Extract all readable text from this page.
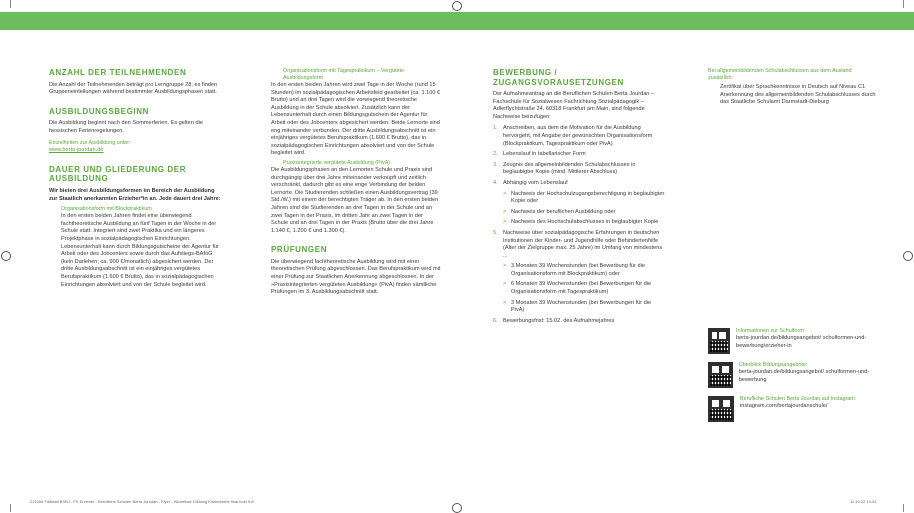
ANZAHL DER TEILNEHMENDEN

Die Anzahl der Teilnehmenden beträgt pro Lerngruppe 28; es finden Gruppeneinteilungen während bestimmter Ausbildungsphasen statt.

AUSBILDUNGSBEGINN

Die Ausbildung beginnt nach den Sommerferien. Es gelten die hessischen Ferienregelungen.

Einzelheiten zur Ausbildung unter:

www.berta-jourdan.de

DAUER UND GLIEDERUNG DER AUSBILDUNG

Wir bieten drei Ausbildungsformen im Bereich der Ausbildung zur Staatlich anerkannten Erzieher*in an. Jede dauert drei Jahre:

Organisationsform mit Blockpraktikum

In den ersten beiden Jahren findet eine überwiegend fachtheoretische Ausbildung an fünf Tagen in der Woche in der Schule statt. Integriert sind zwei Praktika und ein längeres Projektphase in sozialpädagogischen Einrichtungen. Lebensunterhalt kann durch Bildungsgutscheine der Agentur für Arbeit oder des Jobcenters sowie durch das Aufstiegs-BAföG (kein Darlehen; ca. 900 €/monatlich) abgesichert werden. Der dritte Ausbildungsabschnitt ist ein einjähriges vergütetes Berufspraktikum (1.600 € Brutto), das in sozialpädagogischen Einrichtungen absolviert und von der Schule begleitet wird.

Organisationsform mit Tagespraktikum – Vergütete Ausbildungsform

In den ersten beiden Jahren wird zwei Tage in der Woche (rund 15 Stunden) im sozialpädagogischen Arbeitsfeld gearbeitet (ca. 1.100 € Brutto) und an drei Tagen wird die vorwiegend theoretische Ausbildung in der Schule absolviert. Zusätzlich kann der Lebensunterhalt durch einen Bildungsgutschein der Agentur für Arbeit oder des Jobcenters abgesichert werden. Beide Lernorte sind eng miteinander verbunden. Der dritte Ausbildungsabschnitt ist ein einjähriges vergütetes Berufspraktikum (1.600 € Brutto), das in sozialpädagogischen Einrichtungen absolviert und von der Schule begleitet wird.

Praxisintegrierte vergütete Ausbildung (PivA)

Die Ausbildungsphasen an den Lernorten Schule und Praxis sind durchgängig über drei Jahre miteinander verknüpft und zeitlich verschränkt, dadurch gibt es eine enge Verbindung der beiden Lernorte. Die Studierenden schließen einen Ausbildungsvertrag (39 Std./W.) mit einem der berechtigten Träger ab. In den ersten beiden Jahren sind die Studierenden an drei Tagen in der Schule und an zwei Tagen in der Praxis, im dritten Jahr an zwei Tagen in der Schule und an drei Tagen in der Praxis (Brutto über die drei Jahre 1.140 €, 1.200 € und 1.300 €).

PRÜFUNGEN

Die überwiegend fachtheoretische Ausbildung wird mit einer theoretischen Prüfung abgeschlossen. Das Berufspraktikum wird mit einer Prüfung zur Staatlichen Anerkennung abgeschlossen. In der »Praxisintegrierten vergüteten Ausbildung« (PivA) finden sämtliche Prüfungen im 3. Ausbildungsabschnitt statt.

BEWERBUNG / ZUGANGSVORAUSETZUNGEN

Der Aufnahmeantrag an die Beruflichen Schulen Berta Jourdan – Fachschule für Sozialwesen Fachrichtung Sozialpädagogik – Adlerflychtstraße 24, 60318 Frankfurt am Main, sind folgende Nachweise beizufügen:

1. Anschreiben, aus dem die Motivation für die Ausbildung hervorgeht, mit Angabe der gewünschten Organisationsform (Blockpraktikum, Tagespraktikum oder PivA)
2. Lebenslauf in tabellarischer Form
3. Zeugnis des allgemeinbildenden Schulabschlusses in beglaubigter Kopie (mind. Mittlerer Abschluss)
4. Abhängig vom Lebenslauf
> Nachweis der Hochschulzugangsberechtigung in beglaubigter Kopie oder
> Nachweis der beruflichen Ausbildung oder
> Nachweis des Hochschulabschlusses in beglaubigter Kopie
5. Nachweise über sozialpädagogische Erfahrungen in deutschen Institutionen der Kinder- und Jugendhilfe oder Behindertenhilfe (Alter der Zielgruppe max. 25 Jahre) im Umfang von mindestens ...
> 3 Monaten 39 Wochenstunden (bei Bewerbung für die Organisationsform mit Blockpraktikum) oder
> 6 Monaten 39 Wochenstunden (bei Bewerbungen für die Organisationsform mit Tagespraktikum)
> 3 Monaten 39 Wochenstunden (bei Bewerbungen für die PivA)
6. Bewerbungsfrist: 15.02. des Aufnahmejahres

Bei allgemeinbildenden Schulabschlüssen aus dem Ausland zusätzlich:

Zertifikat über Sprachkenntnisse in Deutsch auf Niveau C1

Anerkennung des allgemeinbildenden Schulabschlusses durch das Staatliche Schulamt Darmstadt-Dieburg

Informationen zur Schulform:

berta-jourdan.de/bildungsangebot/ schulformen-und-bewerbung/erzieher-in

Überblick Bildungsangebote:

berta-jourdan.de/bildungsangebot/ schulformen-und-bewerbung

Berufliche Schulen Berta Jourdan auf Instagram:

instagram.com/bertajourdanschule/

221006 Faltblatt BSBJ - FS Erzieher - Berufliche Schulen Berta Jourdan - Flyer - Wickelfalz DINlang Kinderkrebs final.indd 5-8	11.10.22 14:03
